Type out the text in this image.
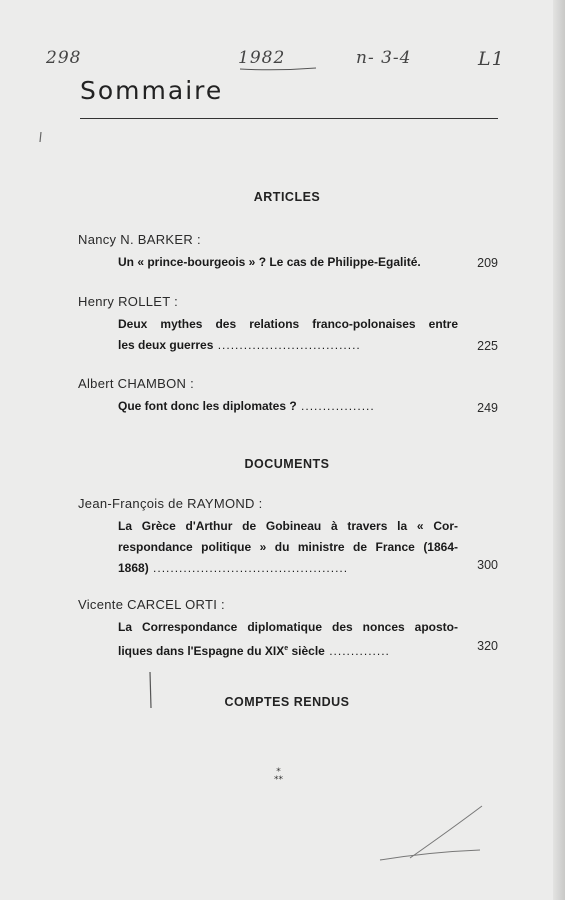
298	1982	n- 3-4	L1
Sommaire
ARTICLES
Nancy N. BARKER :
Un « prince-bourgeois » ? Le cas de Philippe-Egalité.	209
Henry ROLLET :
Deux mythes des relations franco-polonaises entre
les deux guerres .................................	225
Albert CHAMBON :
Que font donc les diplomates ? .................	249
DOCUMENTS
Jean-François de RAYMOND :
La Grèce d'Arthur de Gobineau à travers la « Cor-
respondance politique » du ministre de France (1864-
1868) .............................................	300
Vicente CARCEL ORTI :
La Correspondance diplomatique des nonces aposto-
liques dans l'Espagne du XIXe siècle ..............	320
COMPTES RENDUS
*
**
